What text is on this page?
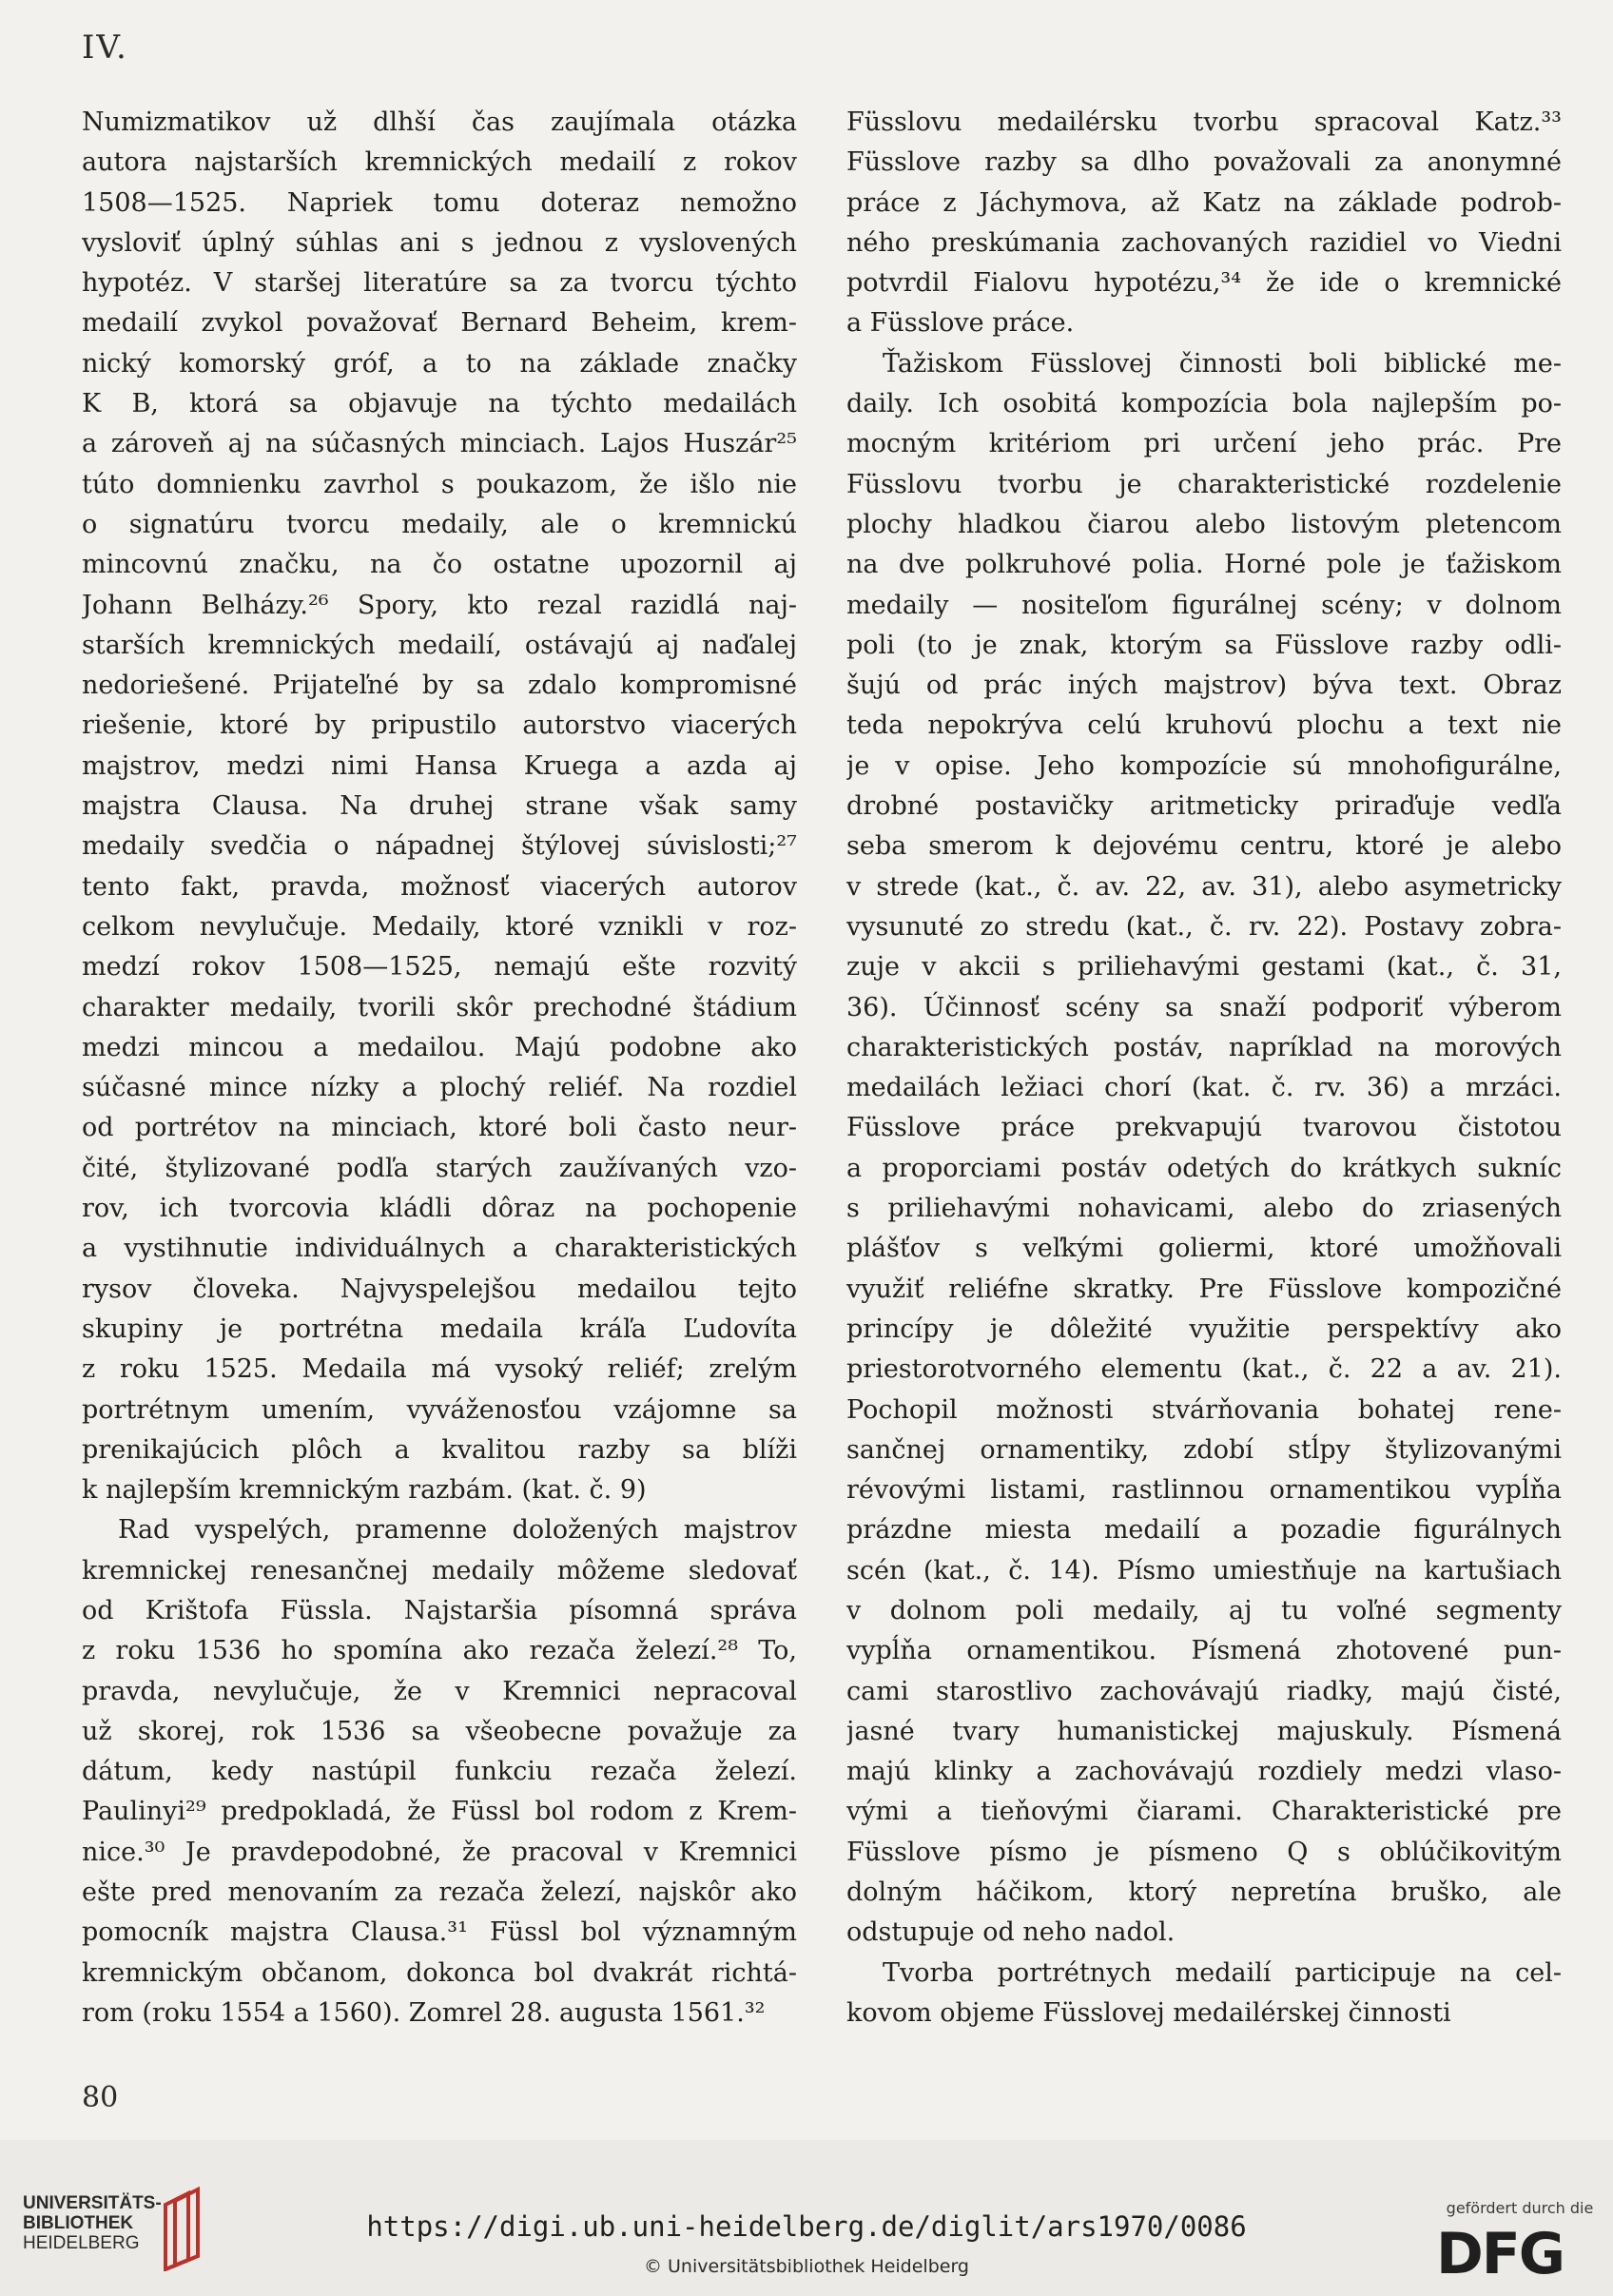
IV.
Numizmatikov už dlhší čas zaujímala otázka
autora najstarších kremnických medailí z rokov
1508—1525. Napriek tomu doteraz nemožno
vysloviť úplný súhlas ani s jednou z vyslovených
hypotéz. V staršej literatúre sa za tvorcu týchto
medailí zvykol považovať Bernard Beheim, krem-
nický komorský gróf, a to na základe značky
K B, ktorá sa objavuje na týchto medailách
a zároveň aj na súčasných minciach. Lajos Huszár²⁵
túto domnienku zavrhol s poukazom, že išlo nie
o signatúru tvorcu medaily, ale o kremnickú
mincovnú značku, na čo ostatne upozornil aj
Johann Belházy.²⁶ Spory, kto rezal razidlá naj-
starších kremnických medailí, ostávajú aj naďalej
nedoriešené. Prijateľné by sa zdalo kompromisné
riešenie, ktoré by pripustilo autorstvo viacerých
majstrov, medzi nimi Hansa Kruega a azda aj
majstra Clausa. Na druhej strane však samy
medaily svedčia o nápadnej štýlovej súvislosti;²⁷
tento fakt, pravda, možnosť viacerých autorov
celkom nevylučuje. Medaily, ktoré vznikli v roz-
medzí rokov 1508—1525, nemajú ešte rozvitý
charakter medaily, tvorili skôr prechodné štádium
medzi mincou a medailou. Majú podobne ako
súčasné mince nízky a plochý reliéf. Na rozdiel
od portrétov na minciach, ktoré boli často neur-
čité, štylizované podľa starých zaužívaných vzo-
rov, ich tvorcovia kládli dôraz na pochopenie
a vystihnutie individuálnych a charakteristických
rysov človeka. Najvyspelejšou medailou tejto
skupiny je portrétna medaila kráľa Ľudovíta
z roku 1525. Medaila má vysoký reliéf; zrelým
portrétnym umením, vyváženosťou vzájomne sa
prenikajúcich plôch a kvalitou razby sa blíži
k najlepším kremnickým razbám. (kat. č. 9)
Rad vyspelých, pramenne doložených majstrov
kremnickej renesančnej medaily môžeme sledovať
od Krištofa Füssla. Najstaršia písomná správa
z roku 1536 ho spomína ako rezača železí.²⁸ To,
pravda, nevylučuje, že v Kremnici nepracoval
už skorej, rok 1536 sa všeobecne považuje za
dátum, kedy nastúpil funkciu rezača železí.
Paulinyi²⁹ predpokladá, že Füssl bol rodom z Krem-
nice.³⁰ Je pravdepodobné, že pracoval v Kremnici
ešte pred menovaním za rezača železí, najskôr ako
pomocník majstra Clausa.³¹ Füssl bol významným
kremnickým občanom, dokonca bol dvakrát richtá-
rom (roku 1554 a 1560). Zomrel 28. augusta 1561.³²
Füsslovu medailérsku tvorbu spracoval Katz.³³
Füsslove razby sa dlho považovali za anonymné
práce z Jáchymova, až Katz na základe podrob-
ného preskúmania zachovaných razidiel vo Viedni
potvrdil Fialovu hypotézu,³⁴ že ide o kremnické
a Füsslove práce.
Ťažiskom Füsslovej činnosti boli biblické me-
daily. Ich osobitá kompozícia bola najlepším po-
mocným kritériom pri určení jeho prác. Pre
Füsslovu tvorbu je charakteristické rozdelenie
plochy hladkou čiarou alebo listovým pletencom
na dve polkruhové polia. Horné pole je ťažiskom
medaily — nositeľom figurálnej scény; v dolnom
poli (to je znak, ktorým sa Füsslove razby odli-
šujú od prác iných majstrov) býva text. Obraz
teda nepokrýva celú kruhovú plochu a text nie
je v opise. Jeho kompozície sú mnohofigurálne,
drobné postavičky aritmeticky priraďuje vedľa
seba smerom k dejovému centru, ktoré je alebo
v strede (kat., č. av. 22, av. 31), alebo asymetricky
vysunuté zo stredu (kat., č. rv. 22). Postavy zobra-
zuje v akcii s priliehavými gestami (kat., č. 31,
36). Účinnosť scény sa snaží podporiť výberom
charakteristických postáv, napríklad na morových
medailách ležiaci chorí (kat. č. rv. 36) a mrzáci.
Füsslove práce prekvapujú tvarovou čistotou
a proporciami postáv odetých do krátkych sukníc
s priliehavými nohavicami, alebo do zriasených
plášťov s veľkými goliermi, ktoré umožňovali
využiť reliéfne skratky. Pre Füsslove kompozičné
princípy je dôležité využitie perspektívy ako
priestorotvorného elementu (kat., č. 22 a av. 21).
Pochopil možnosti stvárňovania bohatej rene-
sančnej ornamentiky, zdobí stĺpy štylizovanými
révovými listami, rastlinnou ornamentikou vypĺňa
prázdne miesta medailí a pozadie figurálnych
scén (kat., č. 14). Písmo umiestňuje na kartušiach
v dolnom poli medaily, aj tu voľné segmenty
vypĺňa ornamentikou. Písmená zhotovené pun-
cami starostlivo zachovávajú riadky, majú čisté,
jasné tvary humanistickej majuskuly. Písmená
majú klinky a zachovávajú rozdiely medzi vlaso-
vými a tieňovými čiarami. Charakteristické pre
Füsslove písmo je písmeno Q s oblúčikovitým
dolným háčikom, ktorý nepretína bruško, ale
odstupuje od neho nadol.
Tvorba portrétnych medailí participuje na cel-
kovom objeme Füsslovej medailérskej činnosti
80
UNIVERSITÄTS-
BIBLIOTHEK
HEIDELBERG
https://digi.ub.uni-heidelberg.de/diglit/ars1970/0086
© Universitätsbibliothek Heidelberg
gefördert durch die
DFG
